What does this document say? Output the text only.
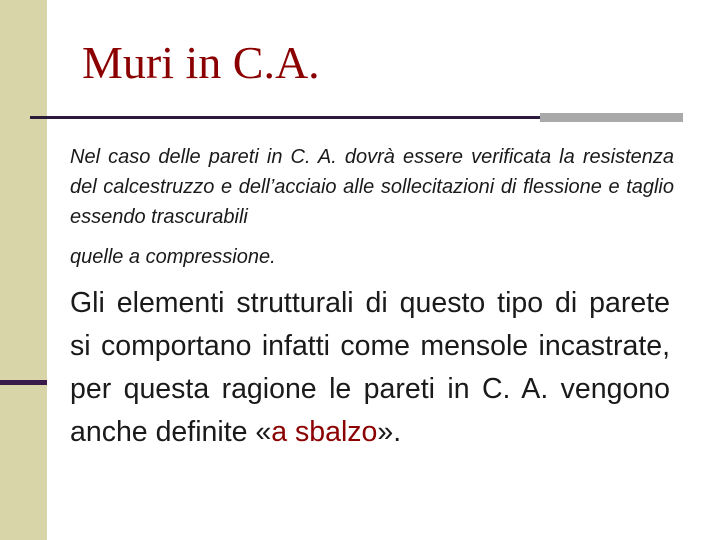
Muri in C.A.
Nel caso delle pareti in C. A. dovrà essere verificata la resistenza del calcestruzzo e dell’acciaio alle sollecitazioni di flessione e taglio essendo trascurabili
quelle a compressione.
Gli elementi strutturali di questo tipo di parete si comportano infatti come mensole incastrate, per questa ragione le pareti in C. A. vengono anche definite «a sbalzo».
